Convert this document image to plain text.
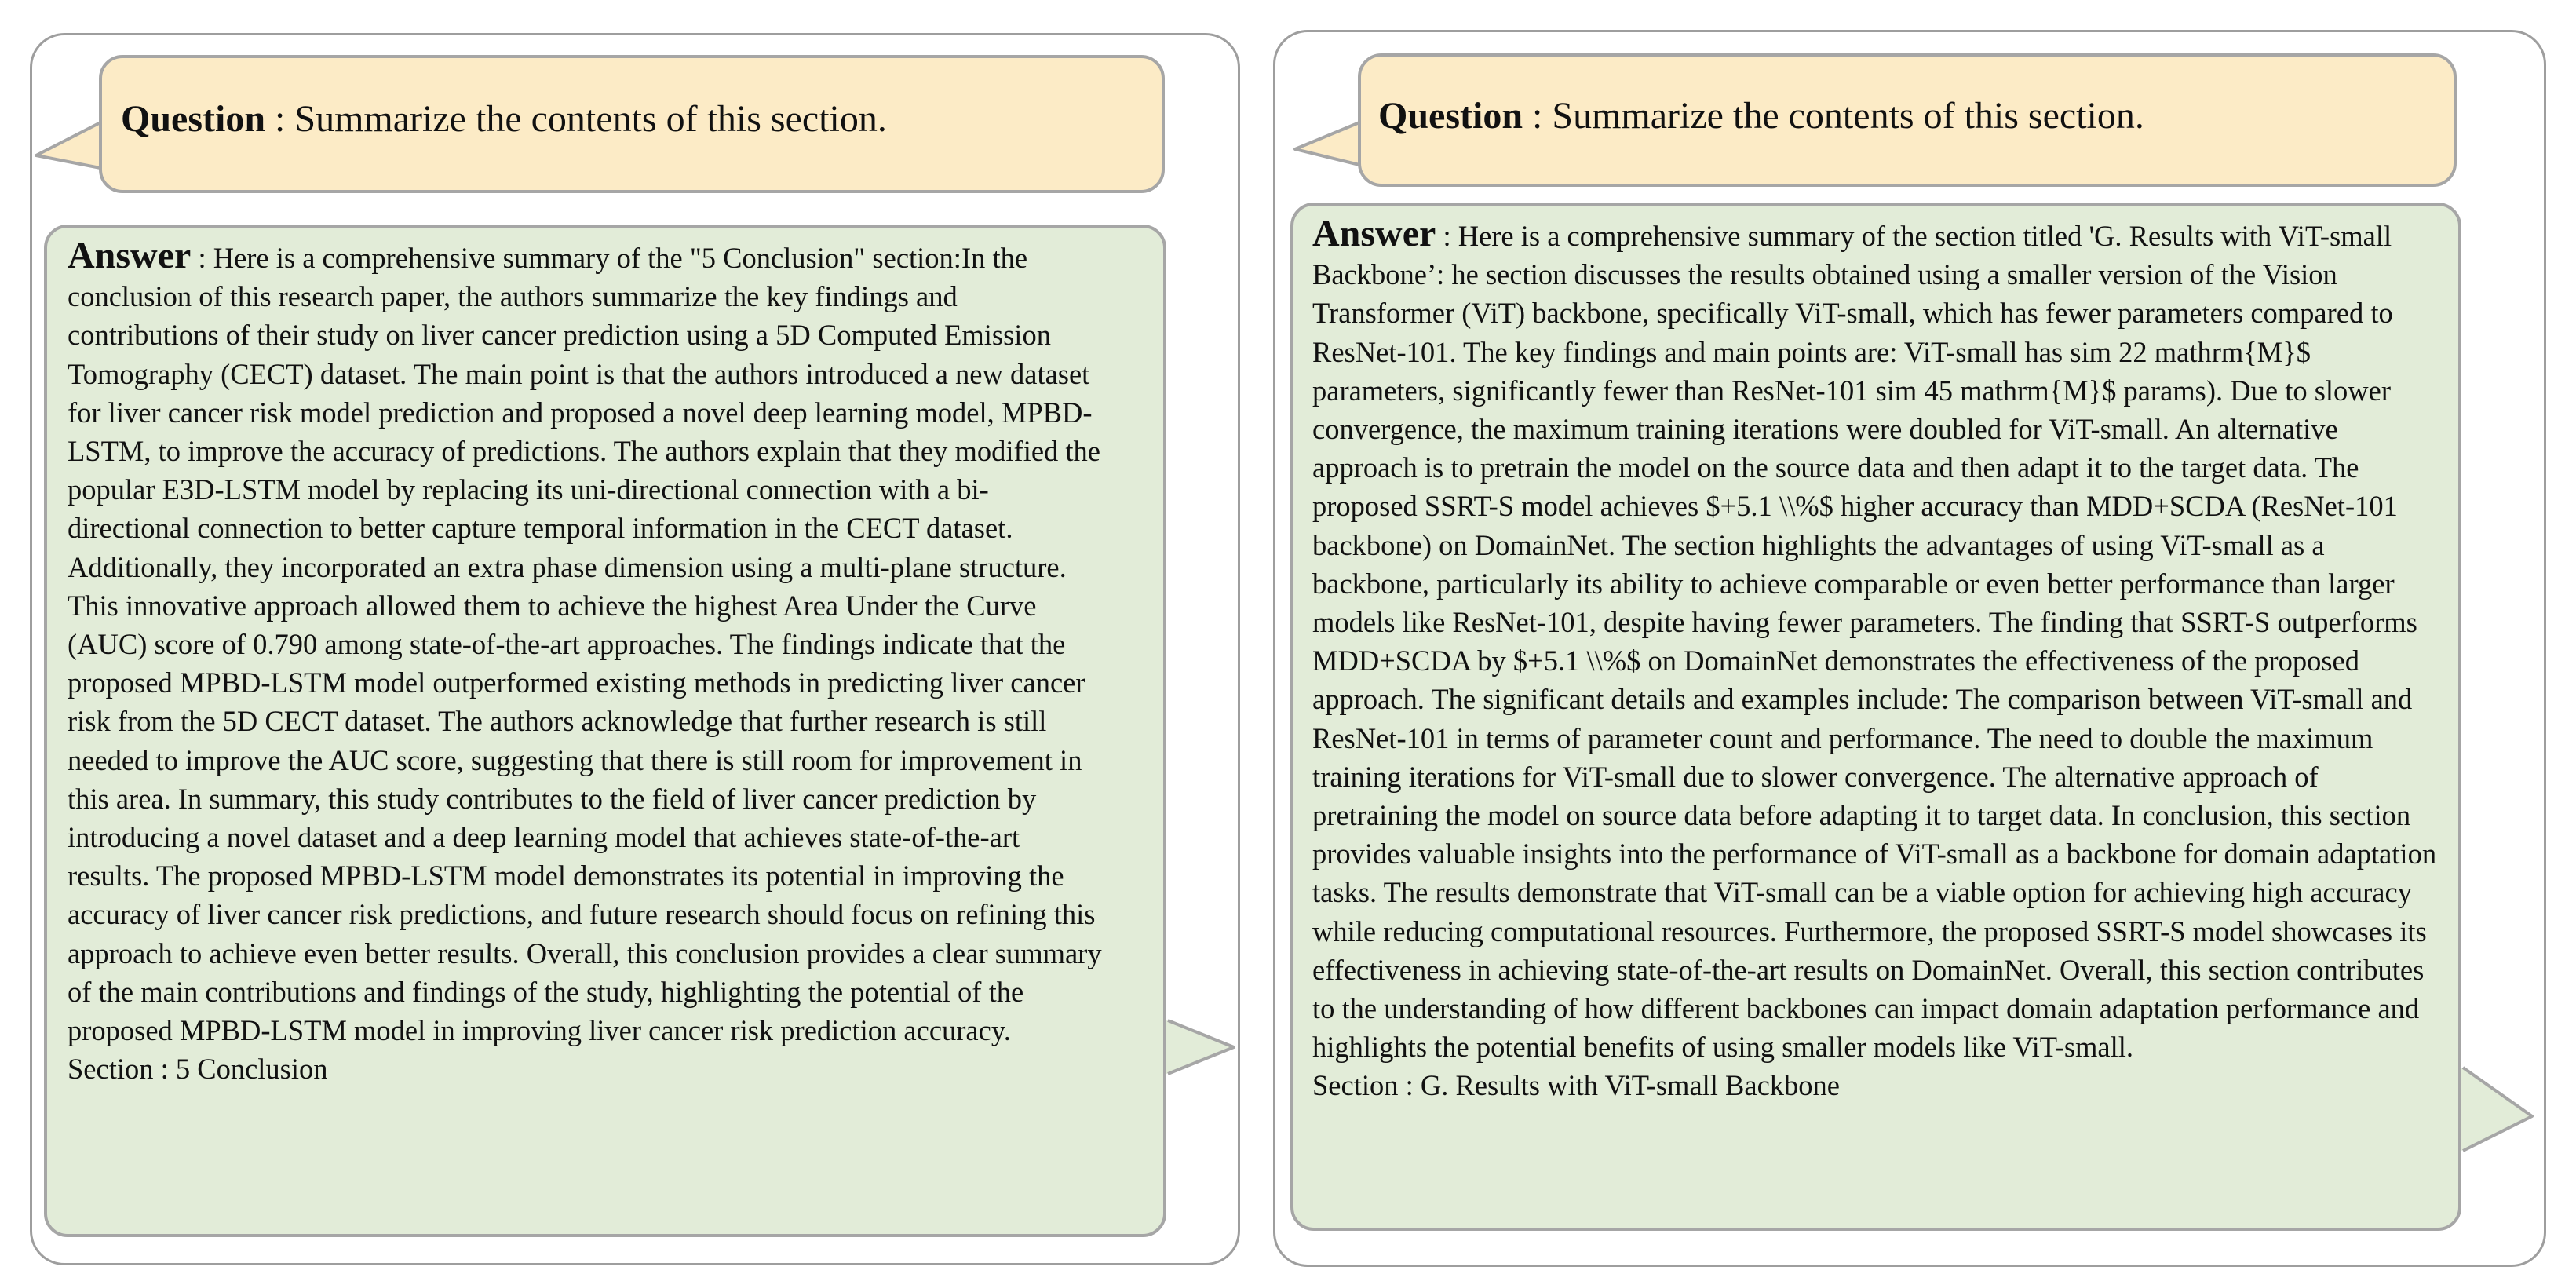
Question : Summarize the contents of this section.
Answer : Here is a comprehensive summary of the "5 Conclusion" section:In the conclusion of this research paper, the authors summarize the key findings and contributions of their study on liver cancer prediction using a 5D Computed Emission Tomography (CECT) dataset. The main point is that the authors introduced a new dataset for liver cancer risk model prediction and proposed a novel deep learning model, MPBD-LSTM, to improve the accuracy of predictions. The authors explain that they modified the popular E3D-LSTM model by replacing its uni-directional connection with a bi-directional connection to better capture temporal information in the CECT dataset. Additionally, they incorporated an extra phase dimension using a multi-plane structure. This innovative approach allowed them to achieve the highest Area Under the Curve (AUC) score of 0.790 among state-of-the-art approaches. The findings indicate that the proposed MPBD-LSTM model outperformed existing methods in predicting liver cancer risk from the 5D CECT dataset. The authors acknowledge that further research is still needed to improve the AUC score, suggesting that there is still room for improvement in this area. In summary, this study contributes to the field of liver cancer prediction by introducing a novel dataset and a deep learning model that achieves state-of-the-art results. The proposed MPBD-LSTM model demonstrates its potential in improving the accuracy of liver cancer risk predictions, and future research should focus on refining this approach to achieve even better results. Overall, this conclusion provides a clear summary of the main contributions and findings of the study, highlighting the potential of the proposed MPBD-LSTM model in improving liver cancer risk prediction accuracy.
Section : 5 Conclusion
Question : Summarize the contents of this section.
Answer : Here is a comprehensive summary of the section titled 'G. Results with ViT-small Backbone’: he section discusses the results obtained using a smaller version of the Vision Transformer (ViT) backbone, specifically ViT-small, which has fewer parameters compared to ResNet-101. The key findings and main points are: ViT-small has sim 22 mathrm{M}$ parameters, significantly fewer than ResNet-101 sim 45 mathrm{M}$ params). Due to slower convergence, the maximum training iterations were doubled for ViT-small. An alternative approach is to pretrain the model on the source data and then adapt it to the target data. The proposed SSRT-S model achieves $+5.1 \\%$ higher accuracy than MDD+SCDA (ResNet-101 backbone) on DomainNet. The section highlights the advantages of using ViT-small as a backbone, particularly its ability to achieve comparable or even better performance than larger models like ResNet-101, despite having fewer parameters. The finding that SSRT-S outperforms MDD+SCDA by $+5.1 \\%$ on DomainNet demonstrates the effectiveness of the proposed approach. The significant details and examples include: The comparison between ViT-small and ResNet-101 in terms of parameter count and performance. The need to double the maximum training iterations for ViT-small due to slower convergence. The alternative approach of pretraining the model on source data before adapting it to target data. In conclusion, this section provides valuable insights into the performance of ViT-small as a backbone for domain adaptation tasks. The results demonstrate that ViT-small can be a viable option for achieving high accuracy while reducing computational resources. Furthermore, the proposed SSRT-S model showcases its effectiveness in achieving state-of-the-art results on DomainNet. Overall, this section contributes to the understanding of how different backbones can impact domain adaptation performance and highlights the potential benefits of using smaller models like ViT-small.
Section : G. Results with ViT-small Backbone
